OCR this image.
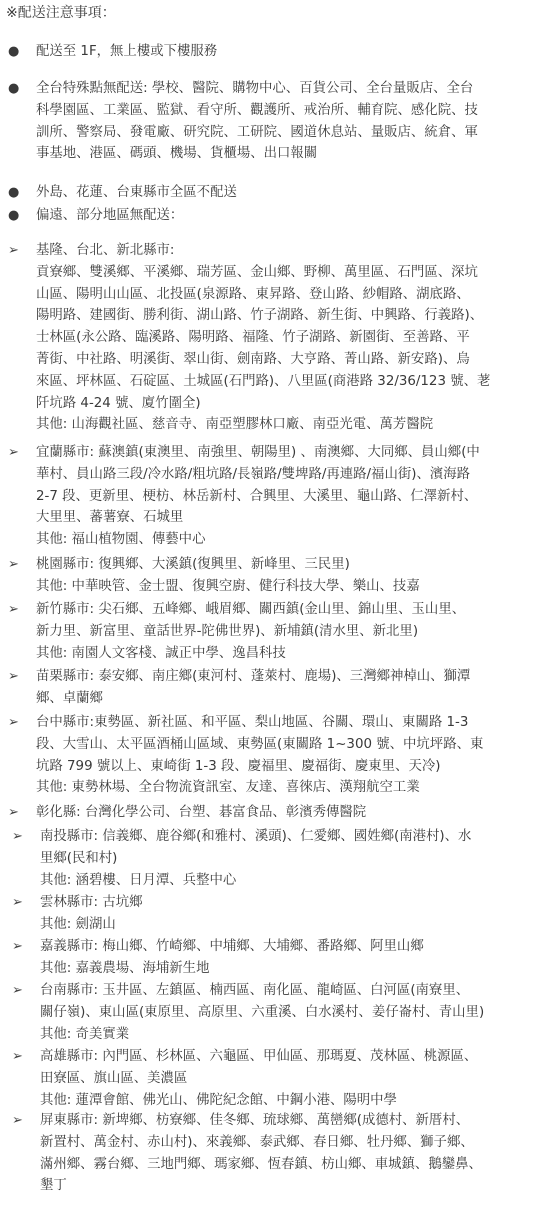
※配送注意事項：
● 配送至 1F，無上樓或下樓服務
● 全台特殊點無配送: 學校、醫院、購物中心、百貨公司、全台量販店、全台
科學園區、工業區、監獄、看守所、觀護所、戒治所、輔育院、感化院、技
訓所、警察局、發電廠、研究院、工研院、國道休息站、量販店、統倉、軍
事基地、港區、碼頭、機場、貨櫃場、出口報關
● 外島、花蓮、台東縣市全區不配送
● 偏遠、部分地區無配送：
➢ 基隆、台北、新北縣市:
貢寮鄉、雙溪鄉、平溪鄉、瑞芳區、金山鄉、野柳、萬里區、石門區、深坑
山區、陽明山山區、北投區(泉源路、東昇路、登山路、紗帽路、湖底路、
陽明路、建國街、勝利街、湖山路、竹子湖路、新生街、中興路、行義路)、
士林區(永公路、臨溪路、陽明路、福隆、竹子湖路、新園街、至善路、平
菁街、中社路、明溪街、翠山街、劍南路、大亨路、菁山路、新安路)、烏
來區、坪林區、石碇區、土城區(石門路)、八里區(商港路 32/36/123 號、荖
阡坑路 4-24 號、廈竹圍全)
其他: 山海觀社區、慈音寺、南亞塑膠林口廠、南亞光電、萬芳醫院
➢ 宜蘭縣市: 蘇澳鎮(東澳里、南強里、朝陽里) 、南澳鄉、大同鄉、員山鄉(中
華村、員山路三段/冷水路/粗坑路/長嶺路/雙埤路/再連路/福山街)、濱海路
2-7 段、更新里、梗枋、林岳新村、合興里、大溪里、龜山路、仁澤新村、
大里里、蕃薯寮、石城里
其他: 福山植物園、傳藝中心
➢ 桃園縣市: 復興鄉、大溪鎮(復興里、新峰里、三民里)
其他: 中華映管、金士盟、復興空廚、健行科技大學、樂山、技嘉
➢ 新竹縣市: 尖石鄉、五峰鄉、峨眉鄉、關西鎮(金山里、錦山里、玉山里、
新力里、新富里、童話世界-陀佛世界)、新埔鎮(清水里、新北里)
其他: 南園人文客棧、誠正中學、逸昌科技
➢ 苗栗縣市: 泰安鄉、南庄鄉(東河村、蓬萊村、鹿場)、三灣鄉神棹山、獅潭
鄉、卓蘭鄉
➢ 台中縣市:東勢區、新社區、和平區、梨山地區、谷關、環山、東關路 1-3
段、大雪山、太平區酒桶山區域、東勢區(東關路 1~300 號、中坑坪路、東
坑路 799 號以上、東崎街 1-3 段、慶福里、慶福街、慶東里、天冷)
其他: 東勢林場、全台物流資訊室、友達、喜徠店、漢翔航空工業
➢ 彰化縣: 台灣化學公司、台塑、碁富食品、彰濱秀傳醫院
➢ 南投縣市: 信義鄉、鹿谷鄉(和雅村、溪頭)、仁愛鄉、國姓鄉(南港村)、水
里鄉(民和村)
其他: 涵碧樓、日月潭、兵整中心
➢ 雲林縣市: 古坑鄉
其他: 劍湖山
➢ 嘉義縣市: 梅山鄉、竹崎鄉、中埔鄉、大埔鄉、番路鄉、阿里山鄉
其他: 嘉義農場、海埔新生地
➢ 台南縣市: 玉井區、左鎮區、楠西區、南化區、龍崎區、白河區(南寮里、
關仔嶺)、東山區(東原里、高原里、六重溪、白水溪村、姜仔崙村、青山里)
其他: 奇美實業
➢ 高雄縣市: 內門區、杉林區、六龜區、甲仙區、那瑪夏、茂林區、桃源區、
田寮區、旗山區、美濃區
其他: 蓮潭會館、佛光山、佛陀紀念館、中鋼小港、陽明中學
➢ 屏東縣市: 新埤鄉、枋寮鄉、佳冬鄉、琉球鄉、萬巒鄉(成德村、新厝村、
新置村、萬金村、赤山村)、來義鄉、泰武鄉、春日鄉、牡丹鄉、獅子鄉、
滿州鄉、霧台鄉、三地門鄉、瑪家鄉、恆春鎮、枋山鄉、車城鎮、鵝鑾鼻、
墾丁
